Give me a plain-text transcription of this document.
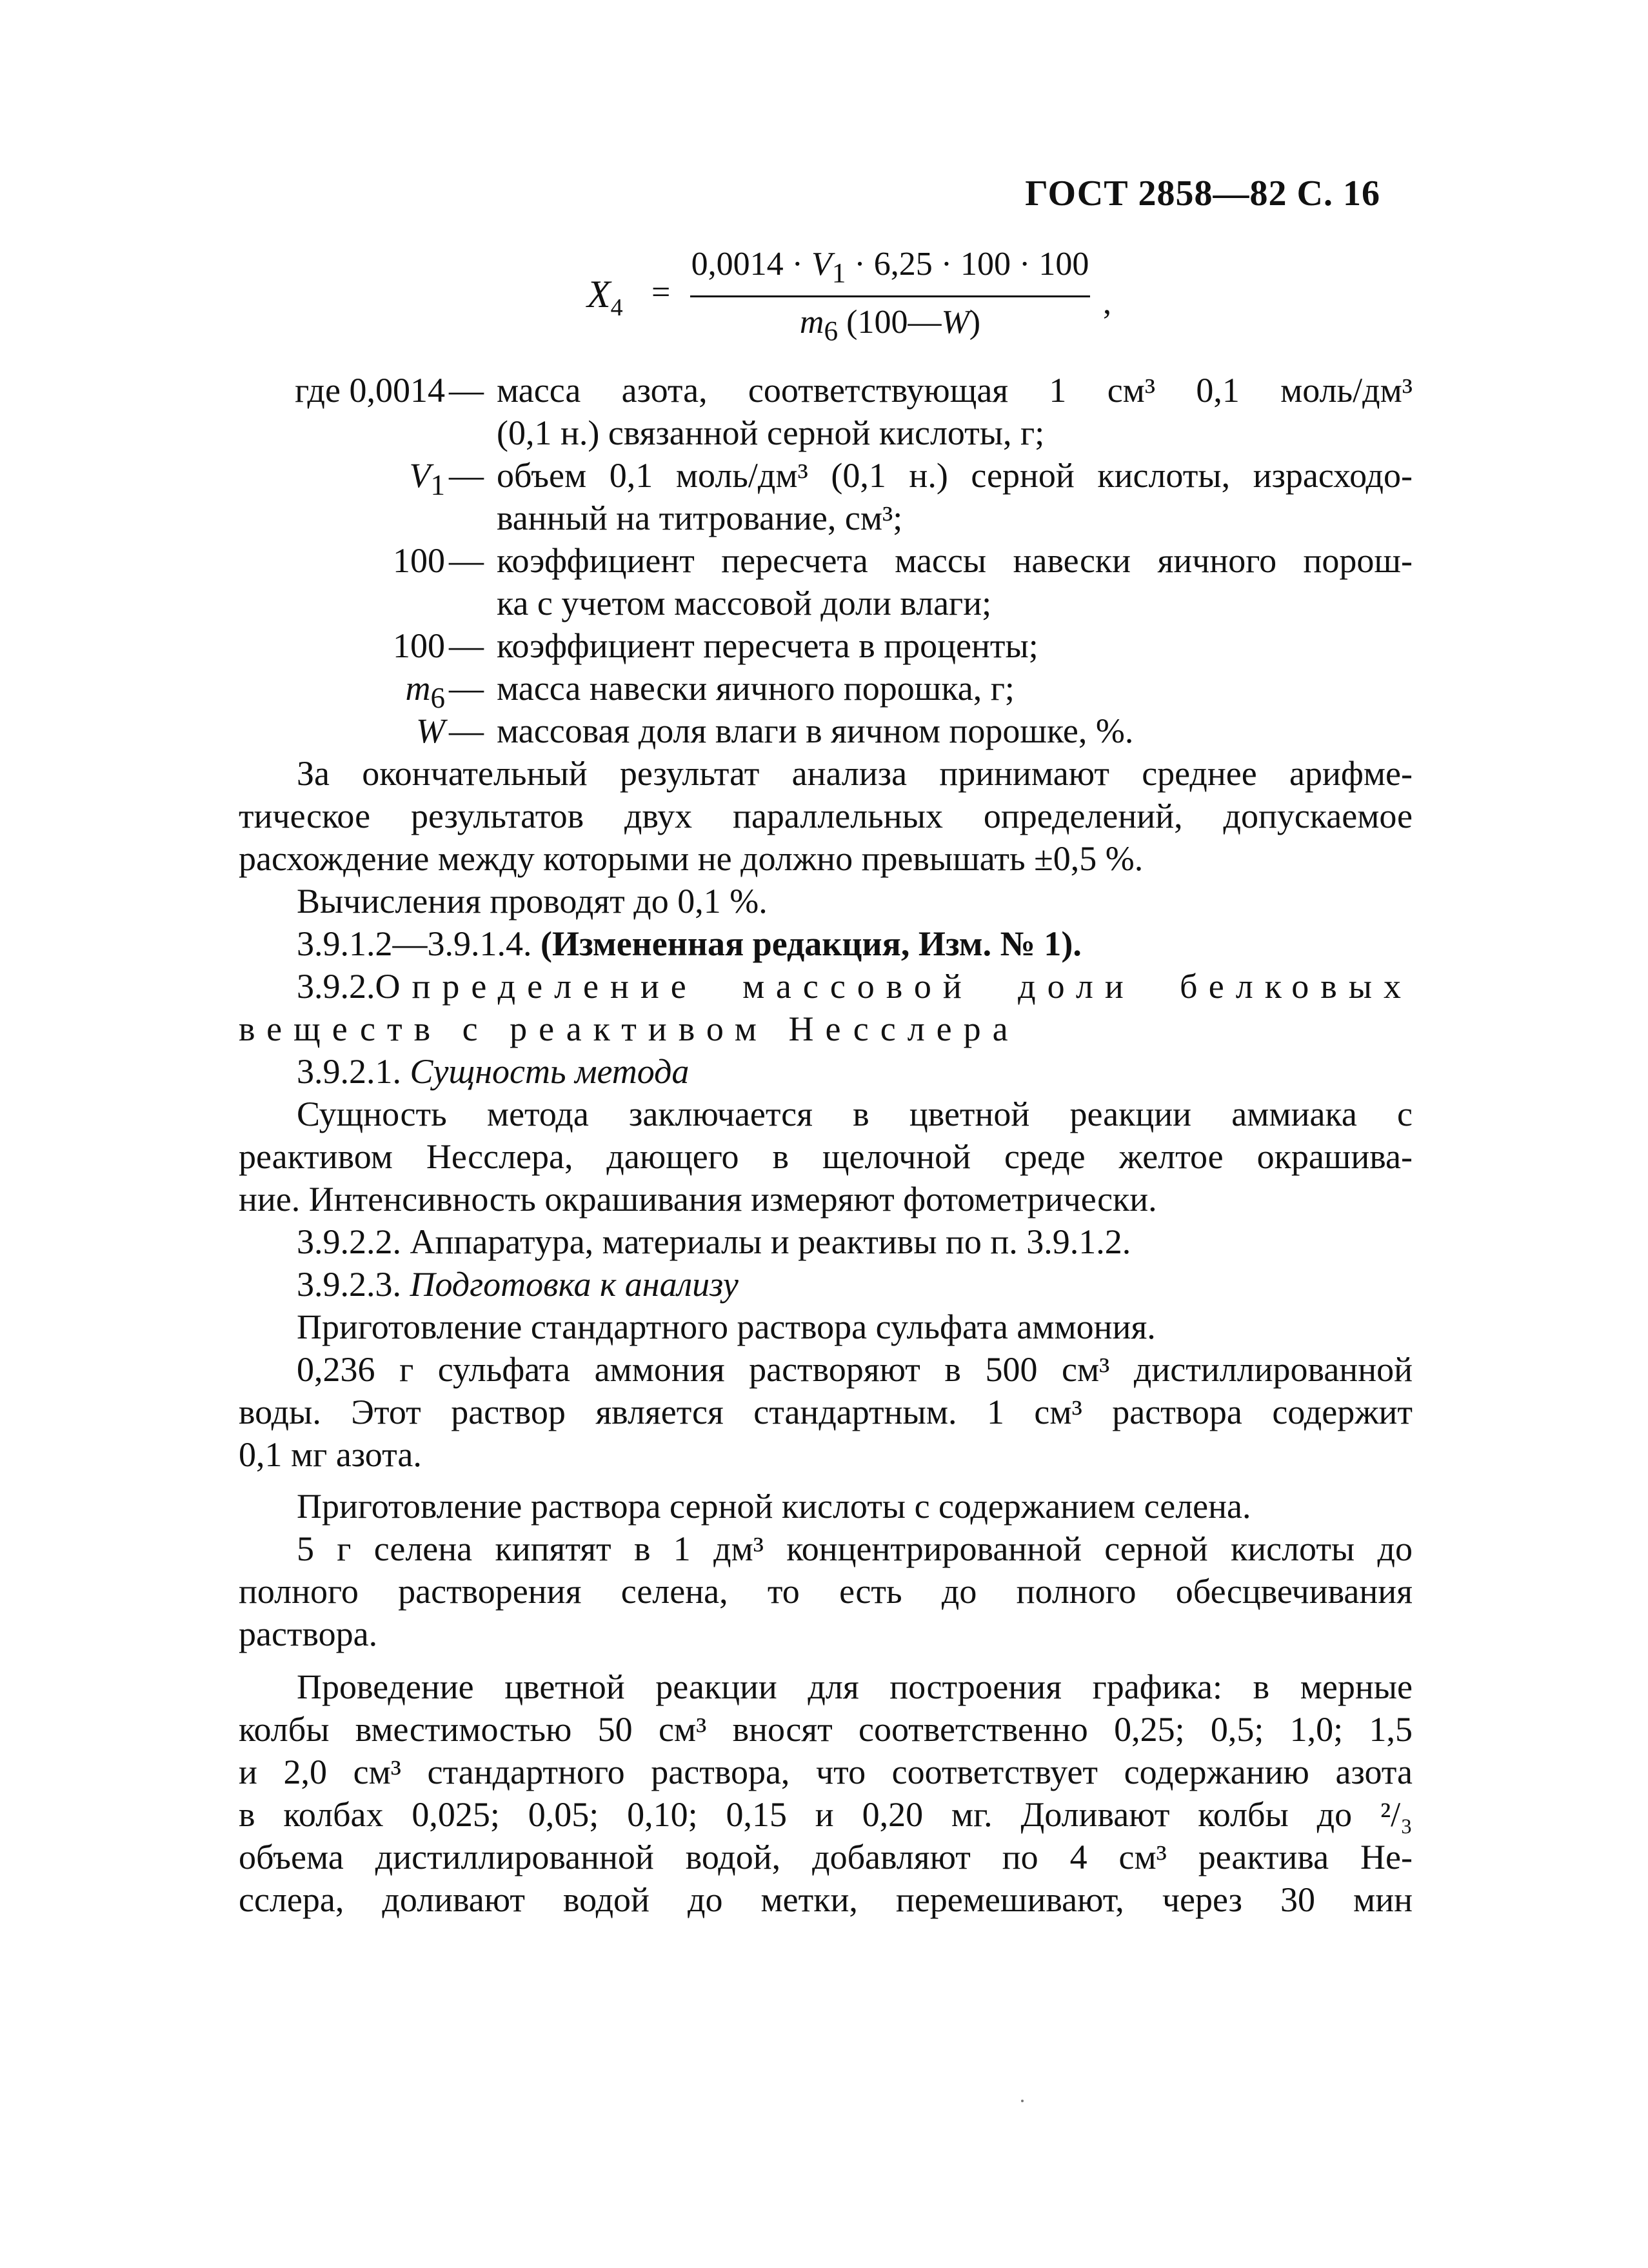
ГОСТ 2858—82 С. 16
$X_4$ =
$0,0014 \cdot V_1 \cdot 6,25 \cdot 100 \cdot 100$
$m_6$ (100—W)
,
где 0,0014 — масса азота, соответствующая 1 см³ 0,1 моль/дм³
(0,1 н.) связанной серной кислоты, г;
$V_1$ — объем 0,1 моль/дм³ (0,1 н.) серной кислоты, израсходо-
ванный на титрование, см³;
100 — коэффициент пересчета массы навески яичного порош-
ка с учетом массовой доли влаги;
100 — коэффициент пересчета в проценты;
$m_6$ — масса навески яичного порошка, г;
W — массовая доля влаги в яичном порошке, %.
За окончательный результат анализа принимают среднее арифме-
тическое результатов двух параллельных определений, допускаемое
расхождение между которыми не должно превышать ±0,5 %.
Вычисления проводят до 0,1 %.
3.9.1.2—3.9.1.4. (Измененная редакция, Изм. № 1).
3.9.2. Определение массовой доли белковых
веществ с реактивом Несслера
3.9.2.1. Сущность метода
Сущность метода заключается в цветной реакции аммиака с
реактивом Несслера, дающего в щелочной среде желтое окрашива-
ние. Интенсивность окрашивания измеряют фотометрически.
3.9.2.2. Аппаратура, материалы и реактивы по п. 3.9.1.2.
3.9.2.3. Подготовка к анализу
Приготовление стандартного раствора сульфата аммония.
0,236 г сульфата аммония растворяют в 500 см³ дистиллированной
воды. Этот раствор является стандартным. 1 см³ раствора содержит
0,1 мг азота.
Приготовление раствора серной кислоты с содержанием селена.
5 г селена кипятят в 1 дм³ концентрированной серной кислоты до
полного растворения селена, то есть до полного обесцвечивания
раствора.
Проведение цветной реакции для построения графика: в мерные
колбы вместимостью 50 см³ вносят соответственно 0,25; 0,5; 1,0; 1,5
и 2,0 см³ стандартного раствора, что соответствует содержанию азота
в колбах 0,025; 0,05; 0,10; 0,15 и 0,20 мг. Доливают колбы до ²/₃
объема дистиллированной водой, добавляют по 4 см³ реактива Не-
сслера, доливают водой до метки, перемешивают, через 30 мин
